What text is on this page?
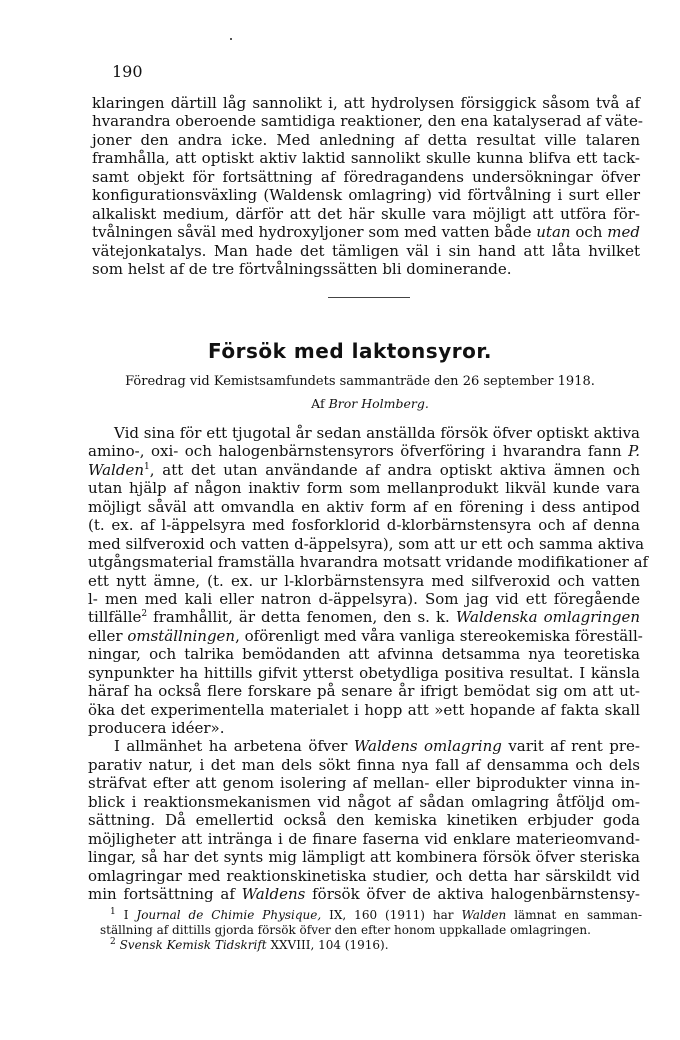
190
klaringen därtill låg sannolikt i, att hydrolysen försiggick såsom två af
hvarandra oberoende samtidiga reaktioner, den ena katalyserad af väte-
joner den andra icke. Med anledning af detta resultat ville talaren
framhålla, att optiskt aktiv laktid sannolikt skulle kunna blifva ett tack-
samt objekt för fortsättning af föredragandens undersökningar öfver
konfigurationsväxling (Waldensk omlagring) vid förtvålning i surt eller
alkaliskt medium, därför att det här skulle vara möjligt att utföra för-
tvålningen såväl med hydroxyljoner som med vatten både utan och med
vätejonkatalys. Man hade det tämligen väl i sin hand att låta hvilket
som helst af de tre förtvålningssätten bli dominerande.
Försök med laktonsyror.
Föredrag vid Kemistsamfundets sammanträde den 26 september 1918.
Af Bror Holmberg.
Vid sina för ett tjugotal år sedan anställda försök öfver optiskt aktiva
amino-, oxi- och halogenbärnstensyrors öfverföring i hvarandra fann P.
Walden$^1$, att det utan användande af andra optiskt aktiva ämnen och
utan hjälp af någon inaktiv form som mellanprodukt likväl kunde vara
möjligt såväl att omvandla en aktiv form af en förening i dess antipod
(t. ex. af l-äppelsyra med fosforklorid d-klorbärnstensyra och af denna
med silfveroxid och vatten d-äppelsyra), som att ur ett och samma aktiva
utgångsmaterial framställa hvarandra motsatt vridande modifikationer af
ett nytt ämne, (t. ex. ur l-klorbärnstensyra med silfveroxid och vatten
l- men med kali eller natron d-äppelsyra). Som jag vid ett föregående
tillfälle$^2$ framhållit, är detta fenomen, den s. k. Waldenska omlagringen
eller omställningen, oförenligt med våra vanliga stereokemiska föreställ-
ningar, och talrika bemödanden att afvinna detsamma nya teoretiska
synpunkter ha hittills gifvit ytterst obetydliga positiva resultat. I känsla
häraf ha också flere forskare på senare år ifrigt bemödat sig om att ut-
öka det experimentella materialet i hopp att »ett hopande af fakta skall
producera idéer».
I allmänhet ha arbetena öfver Waldens omlagring varit af rent pre-
parativ natur, i det man dels sökt finna nya fall af densamma och dels
sträfvat efter att genom isolering af mellan- eller biprodukter vinna in-
blick i reaktionsmekanismen vid något af sådan omlagring åtföljd om-
sättning. Då emellertid också den kemiska kinetiken erbjuder goda
möjligheter att intränga i de finare faserna vid enklare materieomvand-
lingar, så har det synts mig lämpligt att kombinera försök öfver steriska
omlagringar med reaktionskinetiska studier, och detta har särskildt vid
min fortsättning af Waldens försök öfver de aktiva halogenbärnstensy-
$^1$ I Journal de Chimie Physique, IX, 160 (1911) har Walden lämnat en samman-
ställning af dittills gjorda försök öfver den efter honom uppkallade omlagringen.
$^2$ Svensk Kemisk Tidskrift XXVIII, 104 (1916).
